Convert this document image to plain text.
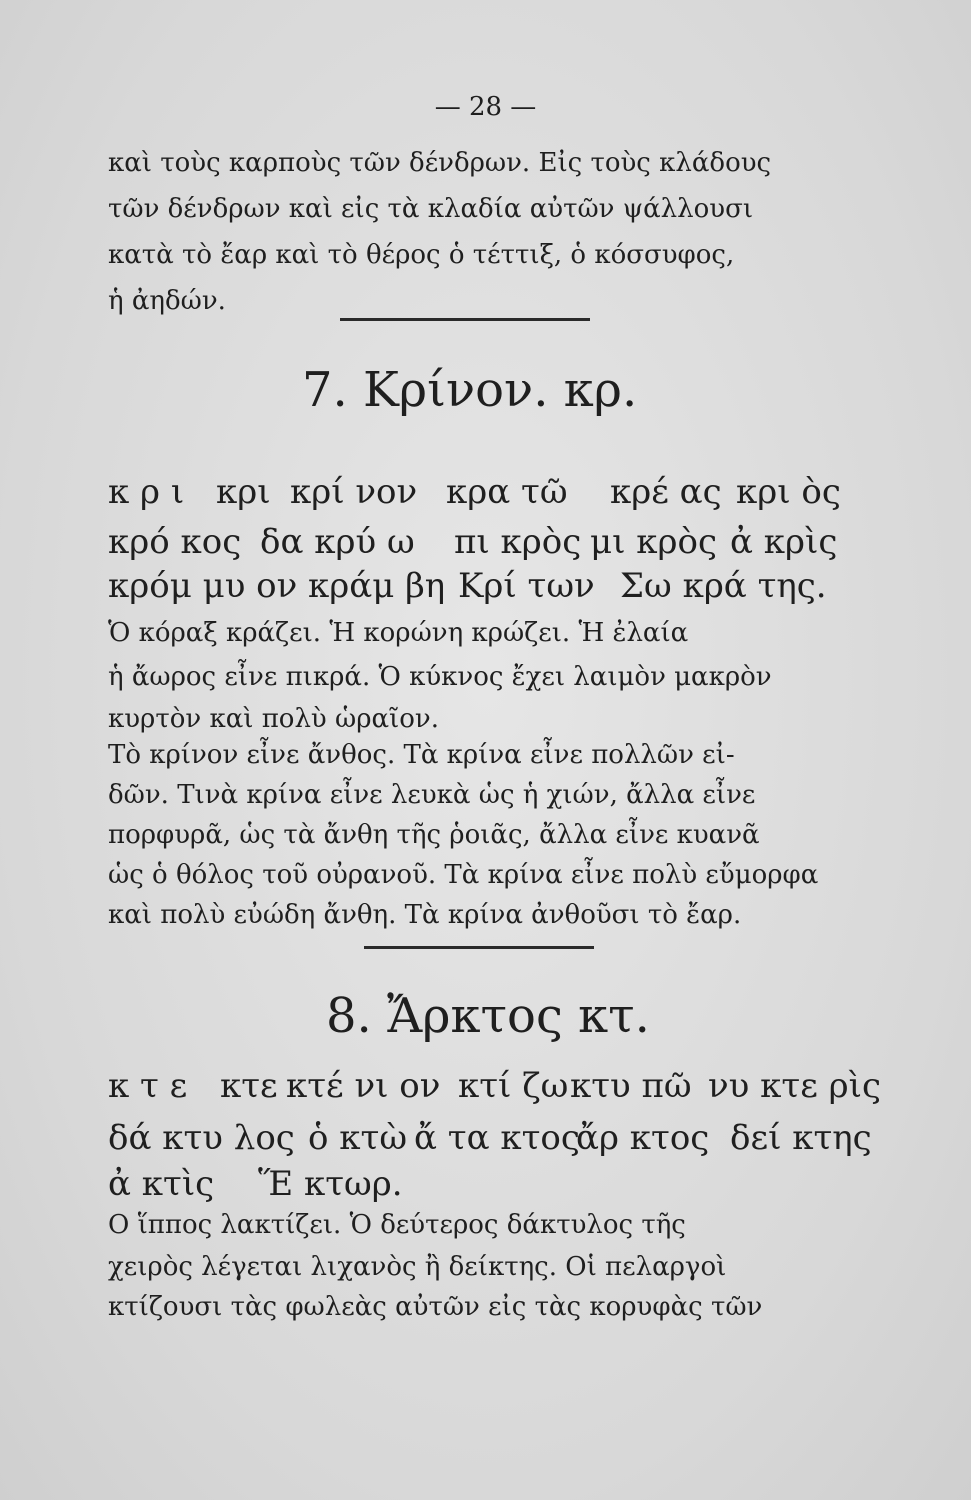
— 28 —
καὶ τοὺς καρποὺς τῶν δένδρων. Εἰς τοὺς κλάδους
τῶν δένδρων καὶ εἰς τὰ κλαδία αὐτῶν ψάλλουσι
κατὰ τὸ ἔαρ καὶ τὸ θέρος ὁ τέττιξ, ὁ κόσσυφος,
ἡ ἀηδών.
7. Κρίνον. κρ.
κ ρ ι κρι κρί νον κρα τῶ κρέ ας κρι ὸς
κρό κος δα κρύ ω πι κρὸς μι κρὸς ἀ κρὶς
κρόμ μυ ον κράμ βη Κρί των Σω κρά της.
Ὁ κόραξ κράζει. Ἡ κορώνη κρώζει. Ἡ ἐλαία
ἡ ἄωρος εἶνε πικρά. Ὁ κύκνος ἔχει λαιμὸν μακρὸν
κυρτὸν καὶ πολὺ ὡραῖον.
Τὸ κρίνον εἶνε ἄνθος. Τὰ κρίνα εἶνε πολλῶν εἰ-
δῶν. Τινὰ κρίνα εἶνε λευκὰ ὡς ἡ χιών, ἄλλα εἶνε
πορφυρᾶ, ὡς τὰ ἄνθη τῆς ῥοιᾶς, ἄλλα εἶνε κυανᾶ
ὡς ὁ θόλος τοῦ οὐρανοῦ. Τὰ κρίνα εἶνε πολὺ εὔμορφα
καὶ πολὺ εὐώδη ἄνθη. Τὰ κρίνα ἀνθοῦσι τὸ ἔαρ.
8. Ἄρκτος κτ.
κ τ ε κτε κτέ νι ον κτί ζω κτυ πῶ νυ κτε ρὶς
δά κτυ λος ὁ κτὼ ἄ τα κτος
ἄρ κτος δεί κτης
ἀ κτὶς Ἕ κτωρ.
Ο ἵππος λακτίζει. Ὁ δεύτερος δάκτυλος τῆς
χειρὸς λέγεται λιχανὸς ἢ δείκτης. Οἱ πελαργοὶ
κτίζουσι τὰς φωλεὰς αὐτῶν εἰς τὰς κορυφὰς τῶν
